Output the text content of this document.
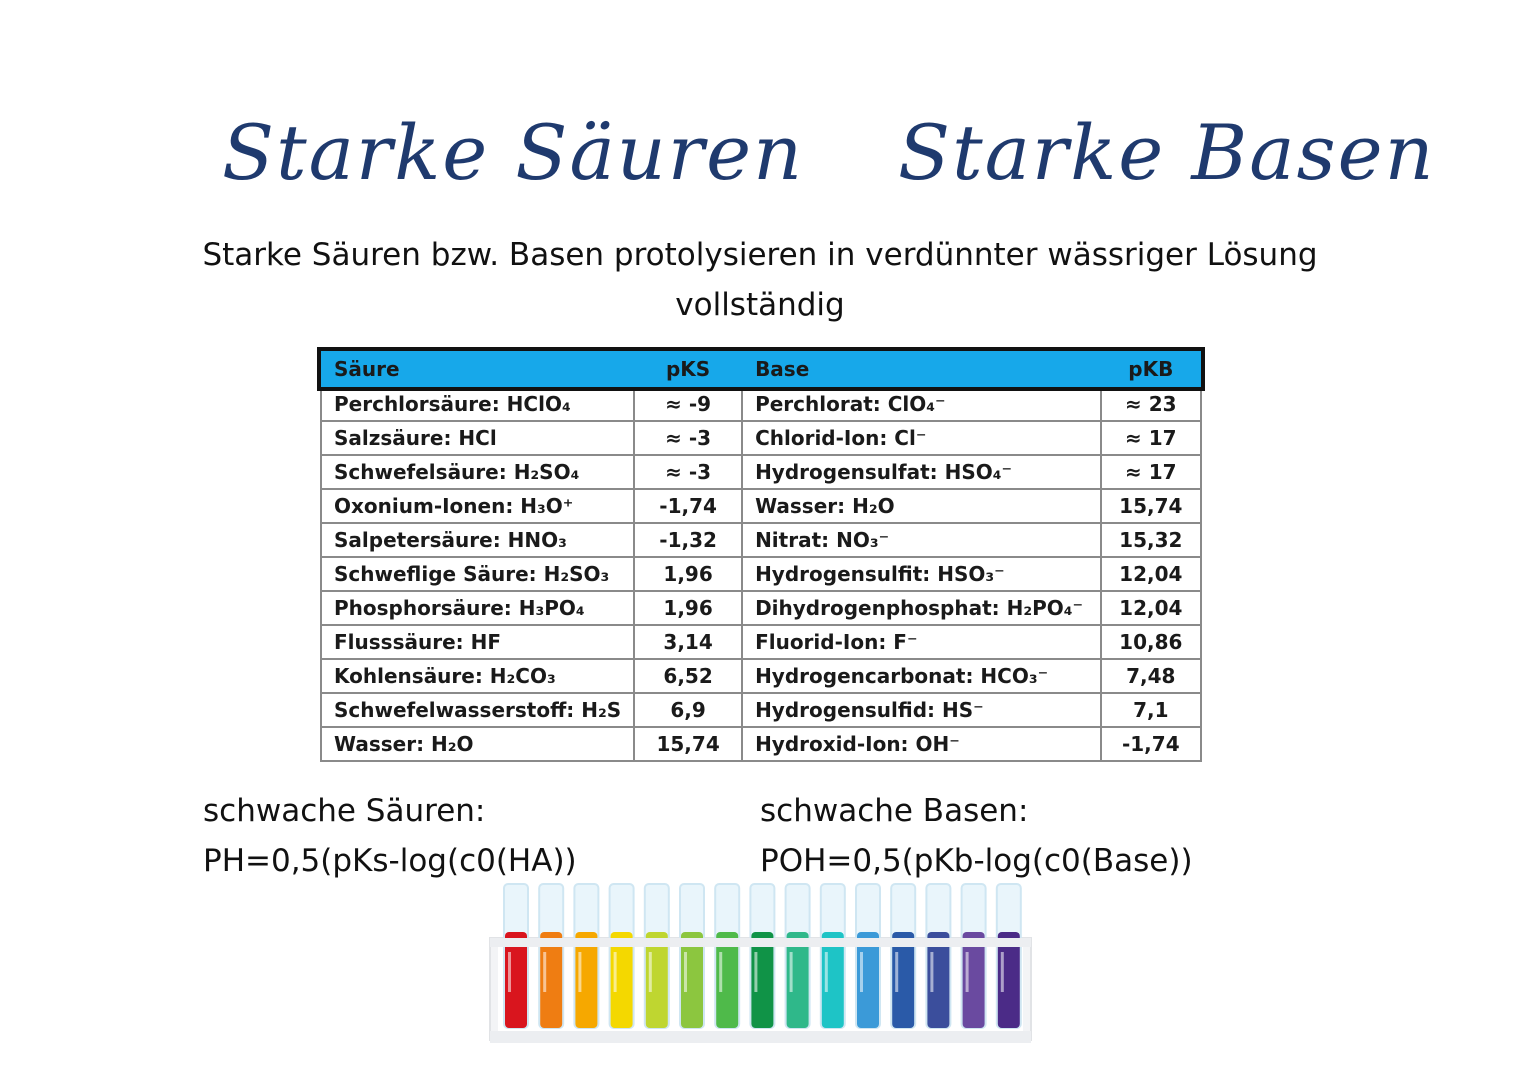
Starke Säuren Starke Basen
Starke Säuren bzw. Basen protolysieren in verdünnter wässriger Lösung
vollständig
Säure	pKS	Base	pKB
Perchlorsäure: HClO₄	≈ -9	Perchlorat: ClO₄⁻	≈ 23
Salzsäure: HCl	≈ -3	Chlorid-Ion: Cl⁻	≈ 17
Schwefelsäure: H₂SO₄	≈ -3	Hydrogensulfat: HSO₄⁻	≈ 17
Oxonium-Ionen: H₃O⁺	-1,74	Wasser: H₂O	15,74
Salpetersäure: HNO₃	-1,32	Nitrat: NO₃⁻	15,32
Schweflige Säure: H₂SO₃	1,96	Hydrogensulfit: HSO₃⁻	12,04
Phosphorsäure: H₃PO₄	1,96	Dihydrogenphosphat: H₂PO₄⁻	12,04
Flusssäure: HF	3,14	Fluorid-Ion: F⁻	10,86
Kohlensäure: H₂CO₃	6,52	Hydrogencarbonat: HCO₃⁻	7,48
Schwefelwasserstoff: H₂S	6,9	Hydrogensulfid: HS⁻	7,1
Wasser: H₂O	15,74	Hydroxid-Ion: OH⁻	-1,74
schwache Säuren:
PH=0,5(pKs-log(c0(HA))
schwache Basen:
POH=0,5(pKb-log(c0(Base))
